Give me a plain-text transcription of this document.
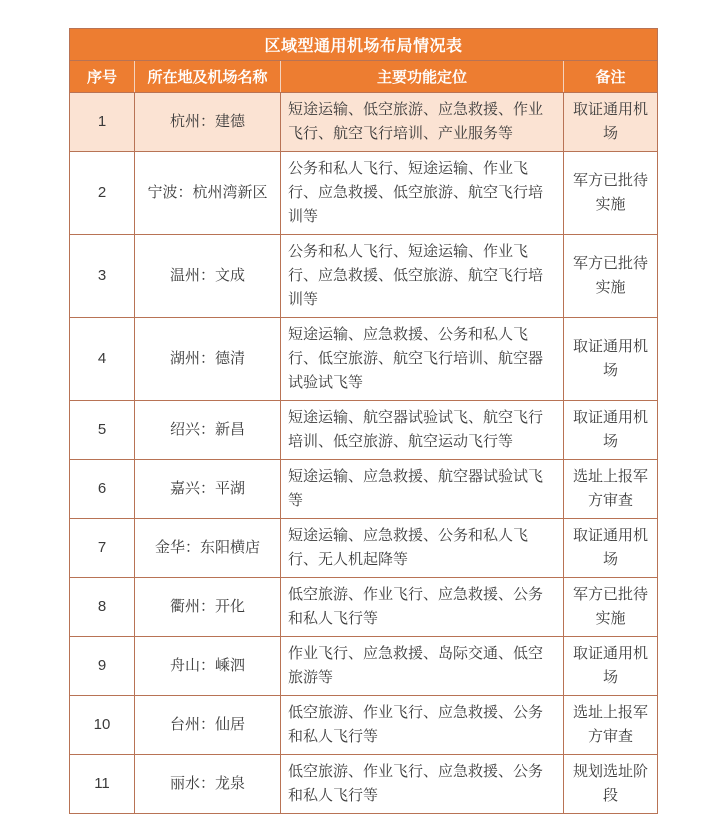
区域型通用机场布局情况表			
序号	所在地及机场名称	主要功能定位	备注
1	杭州：建德	短途运输、低空旅游、应急救援、作业飞行、航空飞行培训、产业服务等	取证通用机场
2	宁波：杭州湾新区	公务和私人飞行、短途运输、作业飞行、应急救援、低空旅游、航空飞行培训等	军方已批待实施
3	温州：文成	公务和私人飞行、短途运输、作业飞行、应急救援、低空旅游、航空飞行培训等	军方已批待实施
4	湖州：德清	短途运输、应急救援、公务和私人飞行、低空旅游、航空飞行培训、航空器试验试飞等	取证通用机场
5	绍兴：新昌	短途运输、航空器试验试飞、航空飞行培训、低空旅游、航空运动飞行等	取证通用机场
6	嘉兴：平湖	短途运输、应急救援、航空器试验试飞等	选址上报军方审查
7	金华：东阳横店	短途运输、应急救援、公务和私人飞行、无人机起降等	取证通用机场
8	衢州：开化	低空旅游、作业飞行、应急救援、公务和私人飞行等	军方已批待实施
9	舟山：嵊泗	作业飞行、应急救援、岛际交通、低空旅游等	取证通用机场
10	台州：仙居	低空旅游、作业飞行、应急救援、公务和私人飞行等	选址上报军方审查
11	丽水：龙泉	低空旅游、作业飞行、应急救援、公务和私人飞行等	规划选址阶段
